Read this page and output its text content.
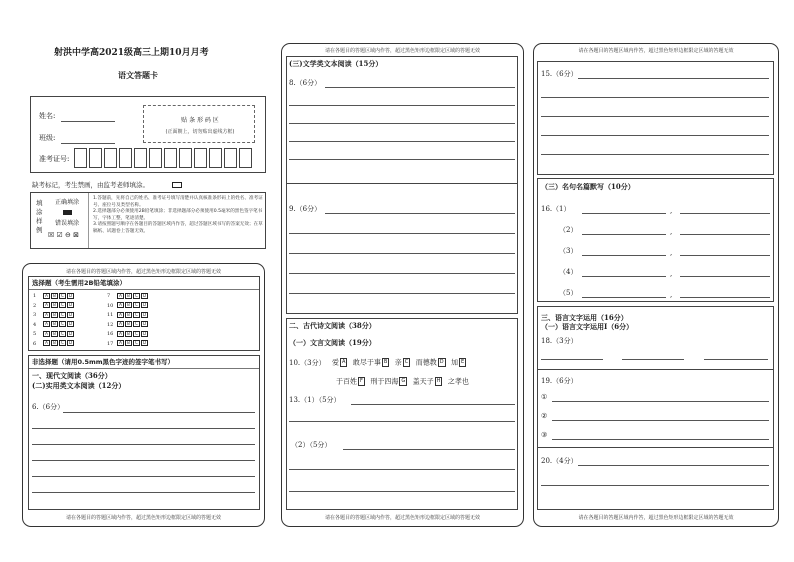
射洪中学高2021级高三上期10月月考
语文答题卡
姓名:
班级:
准考证号:
贴 条 形 码 区
(正面朝上，切勿贴出虚线方框)
缺考标记，考生禁画，由监考老师填涂。
填涂样例
正确填涂
错误填涂
☒ ☑ ⊖ ⊠
1.答题前，先将自己的姓名、准考证号填写清楚并认真核准条形码上的姓名、准考证号、座位号及类型名称。
2.选择题部分必须使用2B铅笔填涂；非选择题部分必须使用0.5毫米的黑色签字笔书写，字体工整，笔迹清楚。
3.请按照题号顺序在各题目的答题区域内作答，超过答题区域书写的答案无效；在草稿纸、试题卷上答题无效。
请在各题目的答题区域内作答，超过黑色矩形边框限定区域的答题无效
选择题（考生需用2B铅笔填涂）
1 A B C D
2 A B C D
3 A B C D
4 A B C D
5 A B C D
6 A B C D
7 A B C D
10 A B C D
11 A B C D
12 A B C D
16 A B C D
17 A B C D
非选择题（请用0.5mm黑色字迹的签字笔书写）
一、现代文阅读（36分）
(二)实用类文本阅读（12分）
6.（6分）
请在各题目的答题区域内作答，超过黑色矩形边框限定区域的答题无效
请在各题目的答题区域内作答，超过黑色矩形边框限定区域的答题无效
(三)文学类文本阅读（15分）
8.（6分）
9.（6分）
二、古代诗文阅读（38分）
（一）文言文阅读（19分）
10.（3分） 爱 A 敢尽于事 B 亲 C 而德教 D 加 E
于百姓 F 刑于四海 G 盖天子 H 之孝也
13.（1）（5分）
（2）（5分）
请在各题目的答题区域内作答，超过黑色矩形边框限定区域的答题无效
请在各题目的答题区域内作答，超过黑色矩形边框限定区域的答题无效
15.（6分）
（三）名句名篇默写（10分）
16. （1）
（2）
（3）
（4）
（5）
,
,
,
,
,
三、语言文字运用（16分）
（一）语言文字运用Ⅰ（6分）
18.（3分）
19.（6分）
①
②
③
20.（4分）
请在各题目的答题区域内作答，超过黑色矩形边框限定区域的答题无效
